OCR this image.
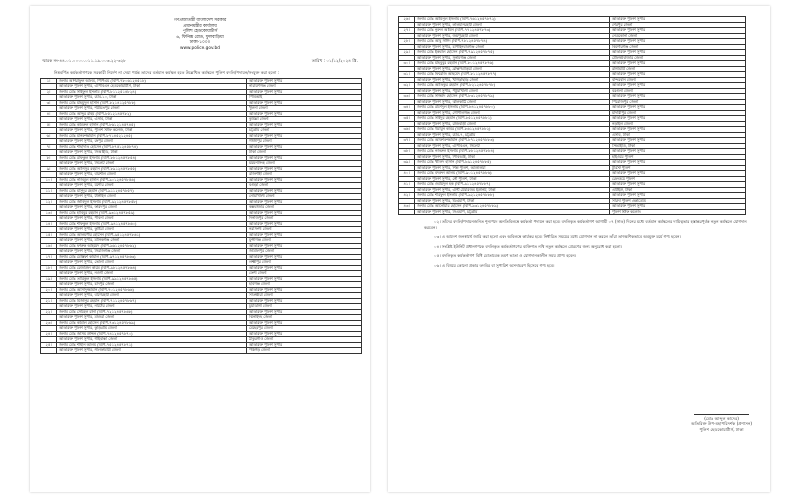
গণপ্রজাতন্ত্রী বাংলাদেশ সরকার
প্রধানমন্ত্রীর কার্যালয়
পুলিশ হেডকোয়ার্টার্স
৬, ফিনিক্স রোড, ফুলবাড়িয়া
ঢাকা-১০০০
www.police.gov.bd
স্মারক নং-৪৪.০১.০০০০.০১১.১৯.০০৩.২২-৩২৮	তারিখ : ০১/১২/২০২৪ খ্রি.
নিম্নবর্ণিত কর্মকর্তাগণকে সরকারী নির্দেশ না দেয়া পর্যন্ত তাদের বর্তমান কর্মস্থল হতে উল্লেখিত কর্মস্থলে পুলিশ বদলি/পদায়ন/সংযুক্ত করা হলো :
১।	জনাব আশরাফুল আলম, পিপিএম (বিপি-৭৮০৬১২৪৫১৮)	অতিরিক্ত পুলিশ সুপার
	অতিরিক্ত পুলিশ সুপার, এপিবিএন হেডকোয়ার্টার্স, ঢাকা	নারায়ণগঞ্জ জেলা
২।	জনাব মোঃ সাইফুল ইসলাম (বিপি-৮১১২৫১৪৮২৪)	অতিরিক্ত পুলিশ সুপার
	অতিরিক্ত পুলিশ সুপার, র‍্যাব-১০, ঢাকা	পিবিআই
৩।	জনাব মোঃ মাহমুদুল হাসান (বিপি-৮২১৪১২৫৭৮৮)	অতিরিক্ত পুলিশ সুপার
	অতিরিক্ত পুলিশ সুপার, শরীয়তপুর জেলা	খুলনা জেলা
৪।	জনাব মোঃ আব্দুর রহিম (বিপি-৮৫১২১৪৫৭৮২)	অতিরিক্ত পুলিশ সুপার
	অতিরিক্ত পুলিশ সুপার, এসবি, ঢাকা	কুমিল্লা জেলা
৫।	জনাব মোঃ কামরুল হাসান (বিপি-৮৬১২১৪৫৭৪৫)	অতিরিক্ত পুলিশ সুপার
	অতিরিক্ত পুলিশ সুপার, পুলিশ স্টাফ কলেজ, ঢাকা	চট্টগ্রাম জেলা
৬।	জনাব মোঃ মনিরুজ্জামান (বিপি-৮৭১৪৫২১২৪৫)	অতিরিক্ত পুলিশ সুপার
	অতিরিক্ত পুলিশ সুপার, রংপুর জেলা	গাজীপুর জেলা
৭।	জনাব মোঃ শাহাদাত হোসেন (বিপি-৮৭৫১২৪৫৮৭৪)	অতিরিক্ত পুলিশ সুপার
	অতিরিক্ত পুলিশ সুপার, সিআইডি, ঢাকা	ঢাকা জেলা
৮।	জনাব মোঃ রফিকুল ইসলাম (বিপি-৮৮১২৪৫৭৮৫৪)	অতিরিক্ত পুলিশ সুপার
	অতিরিক্ত পুলিশ সুপার, সিলেট জেলা	ময়মনসিংহ জেলা
৯।	জনাব মোঃ আনিসুর রহমান (বিপি-৮৯১২৪৫৭৮৫৫)	অতিরিক্ত পুলিশ সুপার
	অতিরিক্ত পুলিশ সুপার, বরিশাল জেলা	রাজশাহী জেলা
১০।	জনাব মোঃ নাজমুল হাসান (বিপি-৯০১২৪৫৭৮৫৬)	অতিরিক্ত পুলিশ সুপার
	অতিরিক্ত পুলিশ সুপার, যশোর জেলা	বগুড়া জেলা
১১।	জনাব মোঃ মাসুদুর রহমান (বিপি-৯১১২৪৫৭৮৫৭)	অতিরিক্ত পুলিশ সুপার
	অতিরিক্ত পুলিশ সুপার, টাঙ্গাইল জেলা	নোয়াখালী জেলা
১২।	জনাব মোঃ জাহিদুল ইসলাম (বিপি-৯২১২৪৫৭৮৫৮)	অতিরিক্ত পুলিশ সুপার
	অতিরিক্ত পুলিশ সুপার, ফরিদপুর জেলা	কক্সবাজার জেলা
১৩।	জনাব মোঃ হাবিবুর রহমান (বিপি-৯৩১২৪৫৭৮৫৯)	অতিরিক্ত পুলিশ সুপার
	অতিরিক্ত পুলিশ সুপার, পাবনা জেলা	দিনাজপুর জেলা
১৪।	জনাব মোঃ শফিকুল ইসলাম (বিপি-৯৪১২৪৫৭৮৬০)	অতিরিক্ত পুলিশ সুপার
	অতিরিক্ত পুলিশ সুপার, কুষ্টিয়া জেলা	নরসিংদী জেলা
১৫।	জনাব মোঃ আলমগীর হোসেন (বিপি-৯৫১২৪৫৭৮৬১)	অতিরিক্ত পুলিশ সুপার
	অতিরিক্ত পুলিশ সুপার, মানিকগঞ্জ জেলা	মুন্সীগঞ্জ জেলা
১৬।	জনাব মোঃ ফারুক আহমেদ (বিপি-৯৬১২৪৫৭৮৬২)	অতিরিক্ত পুলিশ সুপার
	অতিরিক্ত পুলিশ সুপার, সিরাজগঞ্জ জেলা	জামালপুর জেলা
১৭।	জনাব মোঃ মোস্তফা কামাল (বিপি-৯৭১২৪৫৭৮৬৩)	অতিরিক্ত পুলিশ সুপার
	অতিরিক্ত পুলিশ সুপার, ভোলা জেলা	লক্ষ্মীপুর জেলা
১৮।	জনাব মোঃ রেজাউল করিম (বিপি-৯৮১২৪৫৭৮৬৪)	অতিরিক্ত পুলিশ সুপার
	অতিরিক্ত পুলিশ সুপার, নওগাঁ জেলা	ফেনী জেলা
১৯।	জনাব মোঃ তারিকুল ইসলাম (বিপি-৯৯১২৪৫৭৮৬৫)	অতিরিক্ত পুলিশ সুপার
	অতিরিক্ত পুলিশ সুপার, চাঁদপুর জেলা	হবিগঞ্জ জেলা
২০।	জনাব মোঃ আসাদুজ্জামান (বিপি-৭০১২৪৫৭৮৬৬)	অতিরিক্ত পুলিশ সুপার
	অতিরিক্ত পুলিশ সুপার, বাগেরহাট জেলা	সাতক্ষীরা জেলা
২১।	জনাব মোঃ মিজানুর রহমান (বিপি-৭১১২৪৫৭৮৬৭)	অতিরিক্ত পুলিশ সুপার
	অতিরিক্ত পুলিশ সুপার, নাটোর জেলা	চুয়াডাঙ্গা জেলা
২২।	জনাব মোঃ সোহেল রানা (বিপি-৭২১২৪৫৭৮৬৮)	অতিরিক্ত পুলিশ সুপার
	অতিরিক্ত পুলিশ সুপার, মাগুরা জেলা	ঝিনাইদহ জেলা
২৩।	জনাব মোঃ কামাল হোসেন (বিপি-৭৩১২৪৫৭৮৬৯)	অতিরিক্ত পুলিশ সুপার
	অতিরিক্ত পুলিশ সুপার, কুড়িগ্রাম জেলা	মেহেরপুর জেলা
২৪।	জনাব মোঃ জসিম উদ্দিন (বিপি-৭৪১২৪৫৭৮৭০)	অতিরিক্ত পুলিশ সুপার
	অতিরিক্ত পুলিশ সুপার, গাইবান্ধা জেলা	ঠাকুরগাঁও জেলা
২৫।	জনাব মোঃ শাহীন আলম (বিপি-৭৫১২৪৫৭৮৭১)	অতিরিক্ত পুলিশ সুপার
	অতিরিক্ত পুলিশ সুপার, নীলফামারী জেলা	পঞ্চগড় জেলা
২৬।	জনাব মোঃ আমিনুল ইসলাম (বিপি-৭৬১২৪৫৭৮৭২)	অতিরিক্ত পুলিশ সুপার
	অতিরিক্ত পুলিশ সুপার, লালমনিরহাট জেলা	শেরপুর জেলা
২৭।	জনাব মোঃ নুরুল আমিন (বিপি-৭৭১২৪৫৭৮৭৩)	অতিরিক্ত পুলিশ সুপার
	অতিরিক্ত পুলিশ সুপার, জয়পুরহাট জেলা	নেত্রকোনা জেলা
২৮।	জনাব মোঃ আবু সাঈদ (বিপি-৭৮১২৪৫৭৮৭৪)	অতিরিক্ত পুলিশ সুপার
	অতিরিক্ত পুলিশ সুপার, চাঁপাইনবাবগঞ্জ জেলা	কিশোরগঞ্জ জেলা
২৯।	জনাব মোঃ ইকবাল হোসেন (বিপি-৭৯১২৪৫৭৮৭৫)	অতিরিক্ত পুলিশ সুপার
	অতিরিক্ত পুলিশ সুপার, সুনামগঞ্জ জেলা	মৌলভীবাজার জেলা
৩০।	জনাব মোঃ মাহবুবুর রহমান (বিপি-৮০১২৪৫৭৮৭৬)	অতিরিক্ত পুলিশ সুপার
	অতিরিক্ত পুলিশ সুপার, ব্রাহ্মণবাড়িয়া জেলা	রাঙ্গামাটি জেলা
৩১।	জনাব মোঃ ফিরোজ আহমেদ (বিপি-৮১১২৪৫৭৮৭৭)	অতিরিক্ত পুলিশ সুপার
	অতিরিক্ত পুলিশ সুপার, খাগড়াছড়ি জেলা	বান্দরবান জেলা
৩২।	জনাব মোঃ আতিকুর রহমান (বিপি-৮২১২৪৫৭৮৭৮)	অতিরিক্ত পুলিশ সুপার
	অতিরিক্ত পুলিশ সুপার, পটুয়াখালী জেলা	বরগুনা জেলা
৩৩।	জনাব মোঃ সাজ্জাদ হোসেন (বিপি-৮৩১২৪৫৭৮৭৯)	অতিরিক্ত পুলিশ সুপার
	অতিরিক্ত পুলিশ সুপার, ঝালকাঠি জেলা	পিরোজপুর জেলা
৩৪।	জনাব মোঃ রাশেদুল ইসলাম (বিপি-৮৪১২৪৫৭৮৮০)	অতিরিক্ত পুলিশ সুপার
	অতিরিক্ত পুলিশ সুপার, গোপালগঞ্জ জেলা	মাদারীপুর জেলা
৩৫।	জনাব মোঃ সাইদুর রহমান (বিপি-৮৫১২৪৫৭৮৮১)	অতিরিক্ত পুলিশ সুপার
	অতিরিক্ত পুলিশ সুপার, রাজবাড়ী জেলা	নড়াইল জেলা
৩৬।	জনাব মোঃ হুমায়ুন কবির (বিপি-৮৬১২৪৫৭৮৮২)	অতিরিক্ত পুলিশ সুপার
	অতিরিক্ত পুলিশ সুপার, র‍্যাব-৭, চট্টগ্রাম	এসবি, ঢাকা
৩৭।	জনাব মোঃ আক্তারুজ্জামান (বিপি-৮৭১২৪৫৭৮৮৩)	অতিরিক্ত পুলিশ সুপার
	অতিরিক্ত পুলিশ সুপার, এপিবিএন, সিলেট	সিআইডি, ঢাকা
৩৮।	জনাব মোঃ নজরুল ইসলাম (বিপি-৮৮১২৪৫৭৮৮৪)	অতিরিক্ত পুলিশ সুপার
	অতিরিক্ত পুলিশ সুপার, পিবিআই, ঢাকা	হাইওয়ে পুলিশ
৩৯।	জনাব মোঃ খালিদ হাসান (বিপি-৮৯১২৪৫৭৮৮৫)	অতিরিক্ত পুলিশ সুপার
	অতিরিক্ত পুলিশ সুপার, শিল্প পুলিশ, আশুলিয়া	টুরিস্ট পুলিশ
৪০।	জনাব মোঃ বদরুল আলম (বিপি-৯০১২৪৫৭৮৮৬)	অতিরিক্ত পুলিশ সুপার
	অতিরিক্ত পুলিশ সুপার, নৌ পুলিশ, ঢাকা	রেলওয়ে পুলিশ
৪১।	জনাব মোঃ ওবায়দুল হক (বিপি-৯১১২৪৫৭৮৮৭)	অতিরিক্ত পুলিশ সুপার
	অতিরিক্ত পুলিশ সুপার, এন্টি টেররিজম ইউনিট, ঢাকা	এটিইউ, ঢাকা
৪২।	জনাব মোঃ শরিফুল ইসলাম (বিপি-৯২১২৪৫৭৮৮৮)	অতিরিক্ত পুলিশ সুপার
	অতিরিক্ত পুলিশ সুপার, ডিএমপি, ঢাকা	সারদা পুলিশ একাডেমি
৪৩।	জনাব মোঃ আনোয়ার হোসেন (বিপি-৯৩১২৪৫৭৮৮৯)	অতিরিক্ত পুলিশ সুপার
	অতিরিক্ত পুলিশ সুপার, সিএমপি, চট্টগ্রাম	পুলিশ স্টাফ কলেজ

০২। তাঁদের বদলি/পদায়নজনিত শূন্যপদে অনতিবিলম্বে কর্মকর্তা পদায়ন করা হবে। বদলিকৃত কর্মকর্তাগণ আগামী ০৭ (সাত) দিনের মধ্যে বর্তমান কর্মস্থলের দায়িত্বভার হস্তান্তরপূর্বক নতুন কর্মস্থলে যোগদান করবেন।

০৩। এ আদেশ জনস্বার্থে জারি করা হলো এবং অবিলম্বে কার্যকর হবে। নির্ধারিত সময়ের মধ্যে যোগদান না করলে তাঁরা তাৎক্ষণিকভাবে অবমুক্ত মর্মে গণ্য হবেন।

০৪। সংশ্লিষ্ট ইউনিট প্রধানগণকে বদলিকৃত কর্মকর্তাগণের ব্যক্তিগত নথি নতুন কর্মস্থলে প্রেরণের জন্য অনুরোধ করা হলো।

০৫। বদলিকৃত কর্মকর্তাগণ বিধি মোতাবেক ভ্রমণ ভাতা ও যোগদানকালীন সময় প্রাপ্য হবেন।

০৬। এ বিষয়ে কোনো প্রকার তদবির বা সুপারিশ অসদাচরণ হিসেবে গণ্য হবে।

(মোঃ আব্দুল কাদের)
অতিরিক্ত উপ-মহাপরিদর্শক (প্রশাসন)
পুলিশ হেডকোয়ার্টার্স, ঢাকা
